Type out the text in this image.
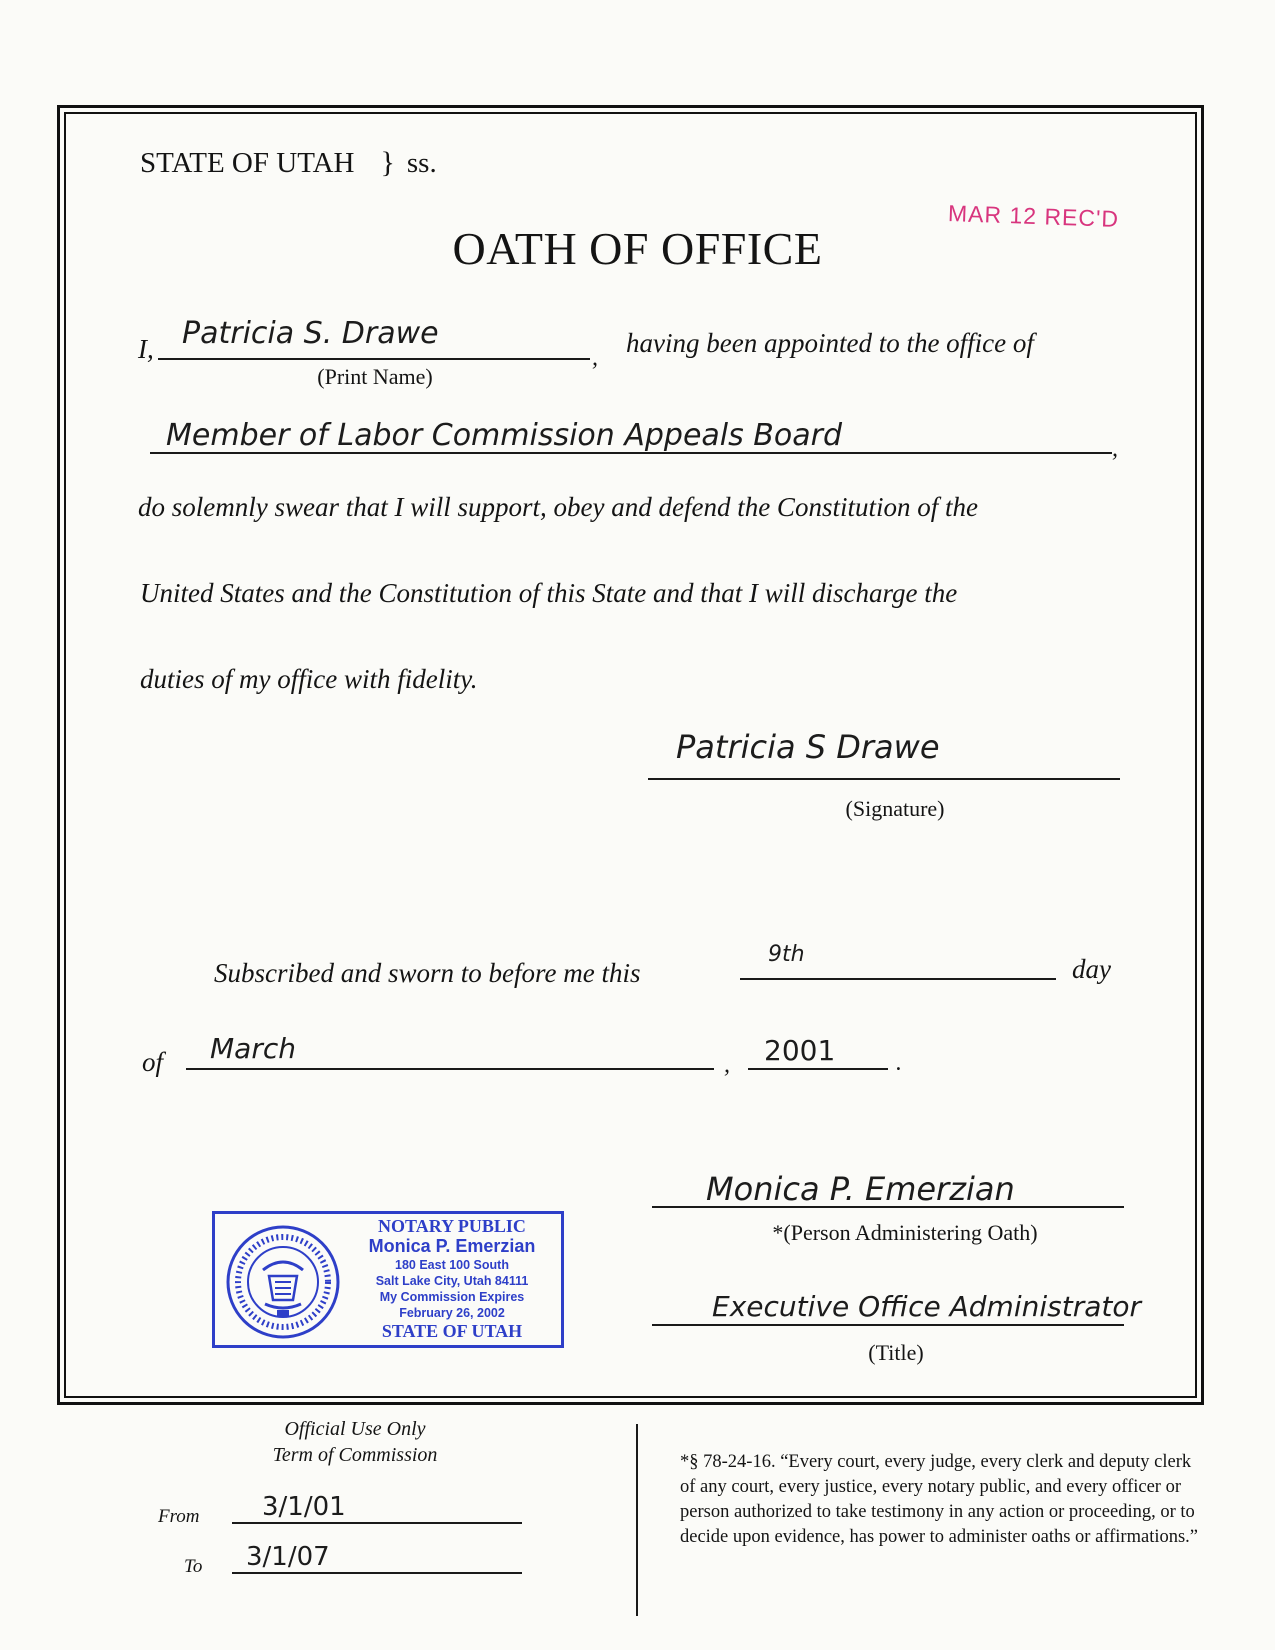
STATE OF UTAH } ss.
OATH OF OFFICE
MAR 12 REC'D
I, Patricia S. Drawe
, having been appointed to the office of
(Print Name)
Member of Labor Commission Appeals Board	,
do solemnly swear that I will support, obey and defend the Constitution of the
United States and the Constitution of this State and that I will discharge the
duties of my office with fidelity.
Patricia S Drawe
(Signature)
Subscribed and sworn to before me this
9th	day
of March	, 2001	.
Monica P. Emerzian
*(Person Administering Oath)
Executive Office Administrator
(Title)
NOTARY PUBLIC
Monica P. Emerzian
180 East 100 South
Salt Lake City, Utah 84111
My Commission Expires
February 26, 2002
STATE OF UTAH
Official Use Only
Term of Commission
From 3/1/01
To 3/1/07
*§ 78-24-16. “Every court, every judge, every clerk and deputy clerk of any court, every justice, every notary public, and every officer or person authorized to take testimony in any action or proceeding, or to decide upon evidence, has power to administer oaths or affirmations.”
